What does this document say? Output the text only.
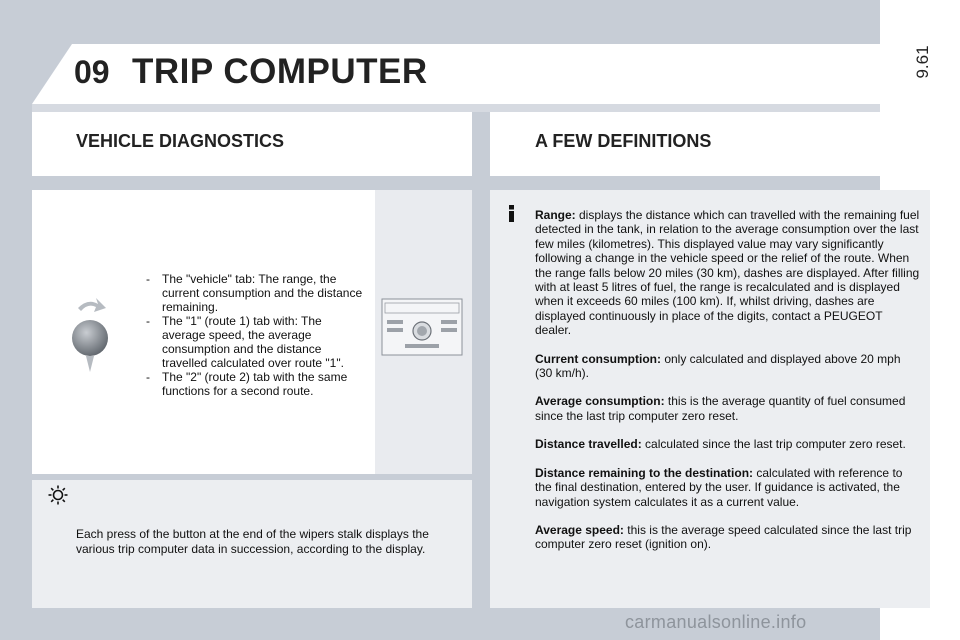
9.61
09 TRIP COMPUTER
VEHICLE DIAGNOSTICS	A FEW DEFINITIONS
- The "vehicle" tab: The range, the current consumption and the distance remaining.
- The "1" (route 1) tab with: The average speed, the average consumption and the distance travelled calculated over route "1".
- The "2" (route 2) tab with the same functions for a second route.
Each press of the button at the end of the wipers stalk displays the various trip computer data in succession, according to the display.

Range: displays the distance which can travelled with the remaining fuel detected in the tank, in relation to the average consumption over the last few miles (kilometres). This displayed value may vary significantly following a change in the vehicle speed or the relief of the route. When the range falls below 20 miles (30 km), dashes are displayed. After filling with at least 5 litres of fuel, the range is recalculated and is displayed when it exceeds 60 miles (100 km). If, whilst driving, dashes are displayed continuously in place of the digits, contact a PEUGEOT dealer.

Current consumption: only calculated and displayed above 20 mph (30 km/h).

Average consumption: this is the average quantity of fuel consumed since the last trip computer zero reset.

Distance travelled: calculated since the last trip computer zero reset.

Distance remaining to the destination: calculated with reference to the final destination, entered by the user. If guidance is activated, the navigation system calculates it as a current value.

Average speed: this is the average speed calculated since the last trip computer zero reset (ignition on).

carmanualsonline.info
